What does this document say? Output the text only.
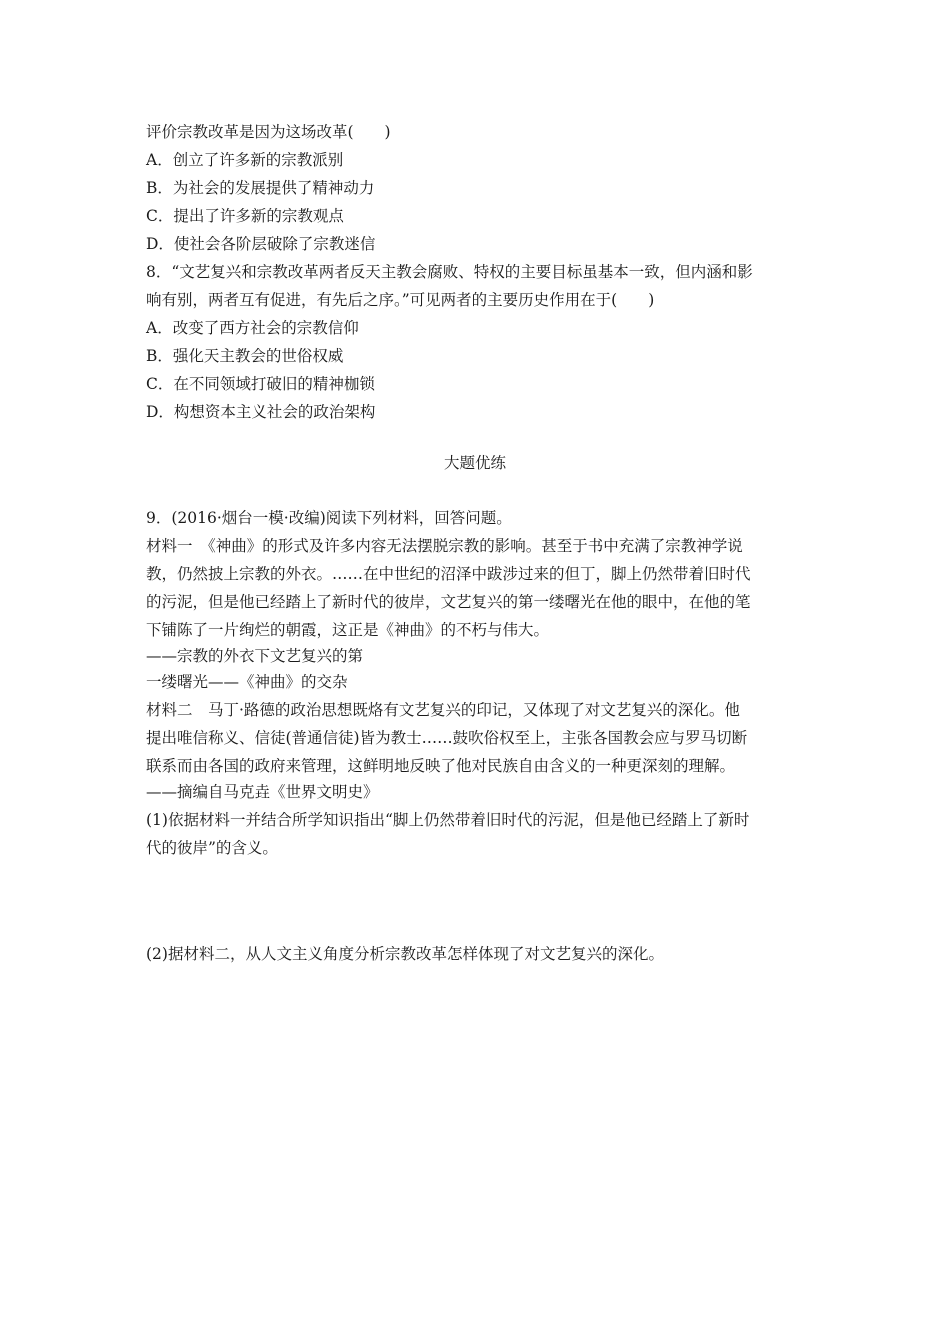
评价宗教改革是因为这场改革(　　)
A．创立了许多新的宗教派别
B．为社会的发展提供了精神动力
C．提出了许多新的宗教观点
D．使社会各阶层破除了宗教迷信
8．“文艺复兴和宗教改革两者反天主教会腐败、特权的主要目标虽基本一致，但内涵和影
响有别，两者互有促进，有先后之序。”可见两者的主要历史作用在于(　　)
A．改变了西方社会的宗教信仰
B．强化天主教会的世俗权威
C．在不同领域打破旧的精神枷锁
D．构想资本主义社会的政治架构
大题优练
9．(2016·烟台一模·改编)阅读下列材料，回答问题。
材料一　《神曲》的形式及许多内容无法摆脱宗教的影响。甚至于书中充满了宗教神学说
教，仍然披上宗教的外衣。……在中世纪的沼泽中跋涉过来的但丁，脚上仍然带着旧时代
的污泥，但是他已经踏上了新时代的彼岸，文艺复兴的第一缕曙光在他的眼中，在他的笔
下铺陈了一片绚烂的朝霞，这正是《神曲》的不朽与伟大。
——宗教的外衣下文艺复兴的第
一缕曙光——《神曲》的交杂
材料二　马丁·路德的政治思想既烙有文艺复兴的印记，又体现了对文艺复兴的深化。他
提出唯信称义、信徒(普通信徒)皆为教士……鼓吹俗权至上，主张各国教会应与罗马切断
联系而由各国的政府来管理，这鲜明地反映了他对民族自由含义的一种更深刻的理解。
——摘编自马克垚《世界文明史》
(1)依据材料一并结合所学知识指出“脚上仍然带着旧时代的污泥，但是他已经踏上了新时
代的彼岸”的含义。
(2)据材料二，从人文主义角度分析宗教改革怎样体现了对文艺复兴的深化。
